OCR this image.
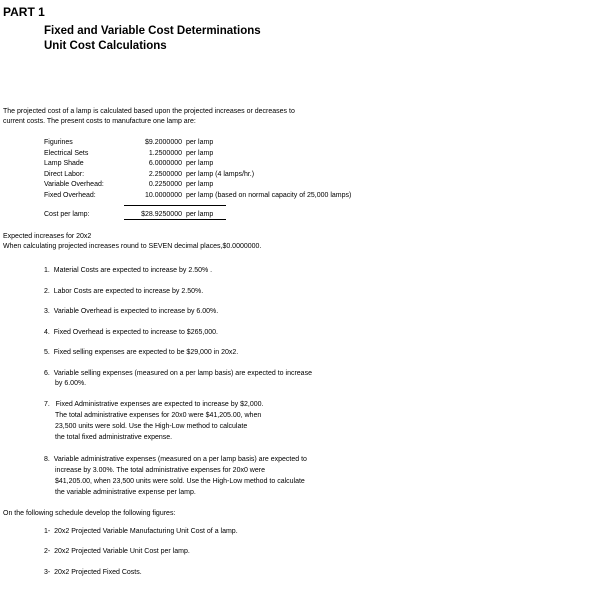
PART 1
Fixed and Variable Cost Determinations
Unit Cost Calculations
The projected cost of a lamp is calculated based upon the projected increases or decreases to
current costs. The present costs to manufacture one lamp are:
Figurines	$9.2000000 per lamp
Electrical Sets	1.2500000 per lamp
Lamp Shade	6.0000000 per lamp
Direct Labor:	2.2500000 per lamp (4 lamps/hr.)
Variable Overhead:	0.2250000 per lamp
Fixed Overhead:	10.0000000 per lamp (based on normal capacity of 25,000 lamps)
Cost per lamp:	$28.9250000 per lamp
Expected increases for 20x2
When calculating projected increases round to SEVEN decimal places,$0.0000000.
1. Material Costs are expected to increase by 2.50% .
2. Labor Costs are expected to increase by 2.50%.
3. Variable Overhead is expected to increase by 6.00%.
4. Fixed Overhead is expected to increase to $265,000.
5. Fixed selling expenses are expected to be $29,000 in 20x2.
6. Variable selling expenses (measured on a per lamp basis) are expected to increase
by 6.00%.
7.   Fixed Administrative expenses are expected to increase by $2,000.
The total administrative expenses for 20x0 were $41,205.00, when
23,500 units were sold. Use the High-Low method to calculate
the total fixed administrative expense.
8. Variable administrative expenses (measured on a per lamp basis) are expected to
increase by 3.00%. The total administrative expenses for 20x0 were
$41,205.00, when 23,500 units were sold. Use the High-Low method to calculate
the variable administrative expense per lamp.
On the following schedule develop the following figures:
1- 20x2 Projected Variable Manufacturing Unit Cost of a lamp.
2- 20x2 Projected Variable Unit Cost per lamp.
3- 20x2 Projected Fixed Costs.
